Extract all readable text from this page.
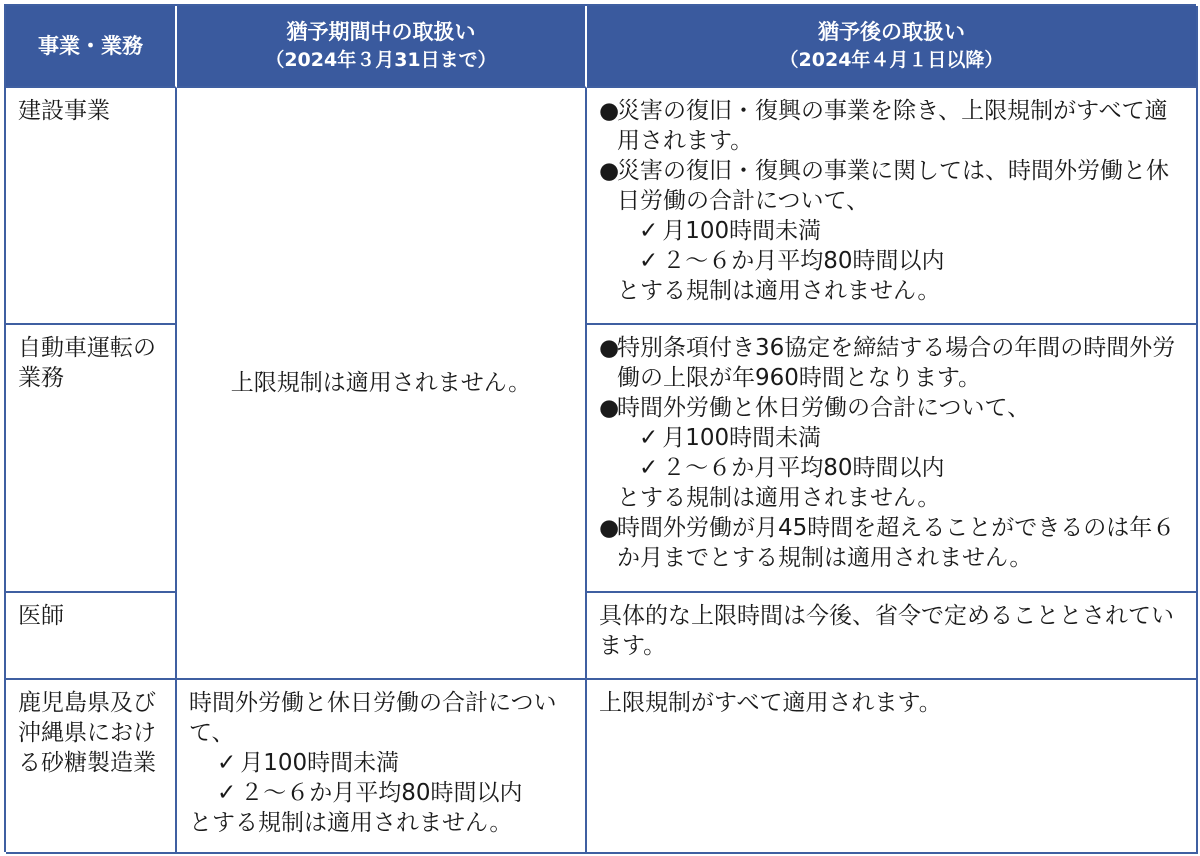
事業・業務
猶予期間中の取扱い
（2024年３月31日まで）
猶予後の取扱い
（2024年４月１日以降）
建設事業
上限規制は適用されません。

●
災害の復旧・復興の事業を除き、上限規制がすべて適用されます。

●
災害の復旧・復興の事業に関しては、時間外労働と休日労働の合計について、

✓ 月100時間未満

✓ ２～６か月平均80時間以内

とする規制は適用されません。

自動車運転の業務

●
特別条項付き36協定を締結する場合の年間の時間外労働の上限が年960時間となります。

●
時間外労働と休日労働の合計について、

✓ 月100時間未満

✓ ２～６か月平均80時間以内

とする規制は適用されません。

●
時間外労働が月45時間を超えることができるのは年６か月までとする規制は適用されません。

医師	具体的な上限時間は今後、省令で定めることとされています。

鹿児島県及び沖縄県における砂糖製造業

時間外労働と休日労働の合計について、

✓ 月100時間未満

✓ ２～６か月平均80時間以内

とする規制は適用されません。

上限規制がすべて適用されます。
